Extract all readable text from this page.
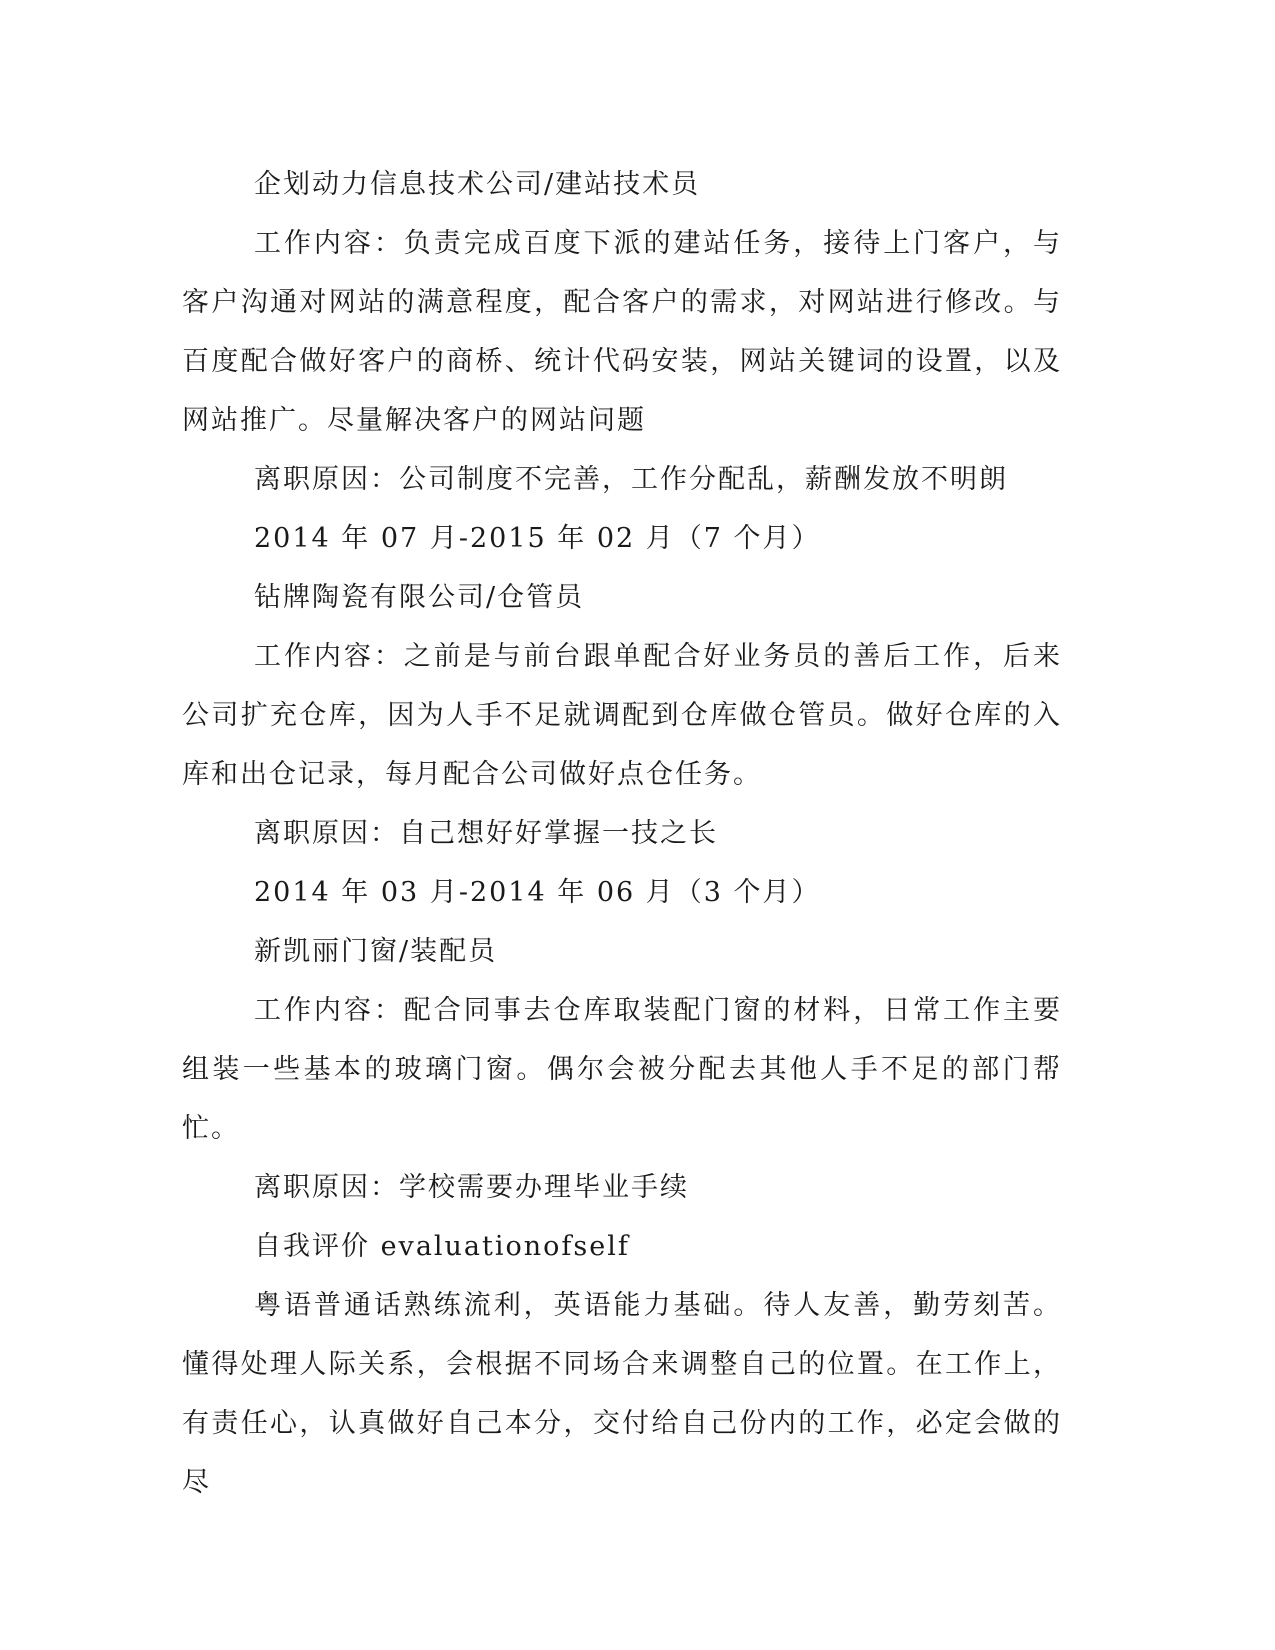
企划动力信息技术公司/建站技术员

工作内容：负责完成百度下派的建站任务，接待上门客户，与客户沟通对网站的满意程度，配合客户的需求，对网站进行修改。与百度配合做好客户的商桥、统计代码安装，网站关键词的设置，以及网站推广。尽量解决客户的网站问题

离职原因：公司制度不完善，工作分配乱，薪酬发放不明朗
2014 年 07 月-2015 年 02 月（7 个月）
钻牌陶瓷有限公司/仓管员

工作内容：之前是与前台跟单配合好业务员的善后工作，后来公司扩充仓库，因为人手不足就调配到仓库做仓管员。做好仓库的入库和出仓记录，每月配合公司做好点仓任务。

离职原因：自己想好好掌握一技之长
2014 年 03 月-2014 年 06 月（3 个月）
新凯丽门窗/装配员

工作内容：配合同事去仓库取装配门窗的材料，日常工作主要组装一些基本的玻璃门窗。偶尔会被分配去其他人手不足的部门帮忙。

离职原因：学校需要办理毕业手续
自我评价 evaluationofself

粤语普通话熟练流利，英语能力基础。待人友善，勤劳刻苦。懂得处理人际关系，会根据不同场合来调整自己的位置。在工作上，有责任心，认真做好自己本分，交付给自己份内的工作，必定会做的尽
